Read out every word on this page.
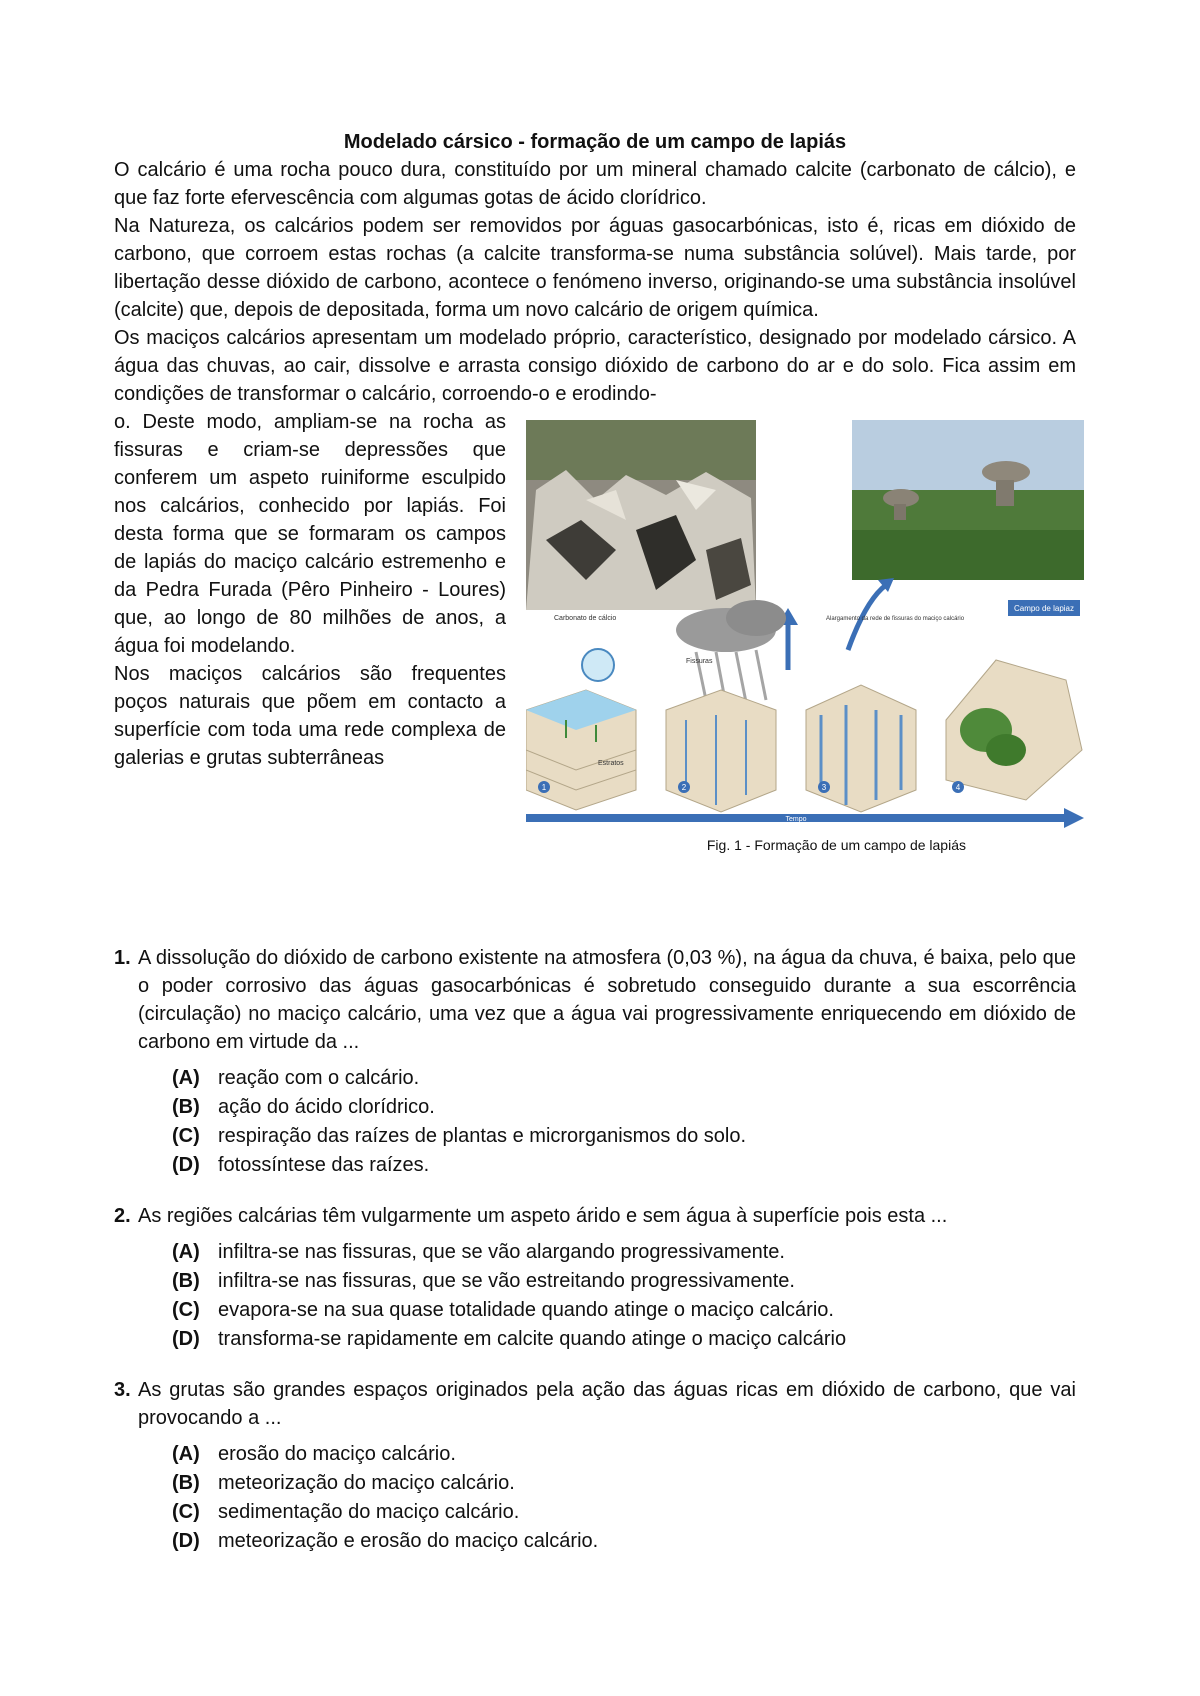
Modelado cársico - formação de um campo de lapiás

O calcário é uma rocha pouco dura, constituído por um mineral chamado calcite (carbonato de cálcio), e que faz forte efervescência com algumas gotas de ácido clorídrico.

Na Natureza, os calcários podem ser removidos por águas gasocarbónicas, isto é, ricas em dióxido de carbono, que corroem estas rochas (a calcite transforma-se numa substância solúvel). Mais tarde, por libertação desse dióxido de carbono, acontece o fenómeno inverso, originando-se uma substância insolúvel (calcite) que, depois de depositada, forma um novo calcário de origem química.

Os maciços calcários apresentam um modelado próprio, característico, designado por modelado cársico. A água das chuvas, ao cair, dissolve e arrasta consigo dióxido de carbono do ar e do solo. Fica assim em condições de transformar o calcário, corroendo-o e erodindo-

o. Deste modo, ampliam-se na rocha as fissuras e criam-se depressões que conferem um aspeto ruiniforme esculpido nos calcários, conhecido por lapiás. Foi desta forma que se formaram os campos de lapiás do maciço calcário estremenho e da Pedra Furada (Pêro Pinheiro - Loures) que, ao longo de 80 milhões de anos, a água foi modelando.

Nos maciços calcários são frequentes poços naturais que põem em contacto a superfície com toda uma rede complexa de galerias e grutas subterrâneas

Campo de lapiaz
Carbonato de cálcio
Fissuras
Alargamento da rede de fissuras do maciço calcário
Estratos
1	2	3	4
Tempo
Fig. 1 - Formação de um campo de lapiás
1. A dissolução do dióxido de carbono existente na atmosfera (0,03 %), na água da chuva, é baixa, pelo que o poder corrosivo das águas gasocarbónicas é sobretudo conseguido durante a sua escorrência (circulação) no maciço calcário, uma vez que a água vai progressivamente enriquecendo em dióxido de carbono em virtude da ...
(A) reação com o calcário.
(B) ação do ácido clorídrico.
(C) respiração das raízes de plantas e microrganismos do solo.
(D) fotossíntese das raízes.
2. As regiões calcárias têm vulgarmente um aspeto árido e sem água à superfície pois esta ...
(A) infiltra-se nas fissuras, que se vão alargando progressivamente.
(B) infiltra-se nas fissuras, que se vão estreitando progressivamente.
(C) evapora-se na sua quase totalidade quando atinge o maciço calcário.
(D) transforma-se rapidamente em calcite quando atinge o maciço calcário
3. As grutas são grandes espaços originados pela ação das águas ricas em dióxido de carbono, que vai provocando a ...
(A) erosão do maciço calcário.
(B) meteorização do maciço calcário.
(C) sedimentação do maciço calcário.
(D) meteorização e erosão do maciço calcário.
